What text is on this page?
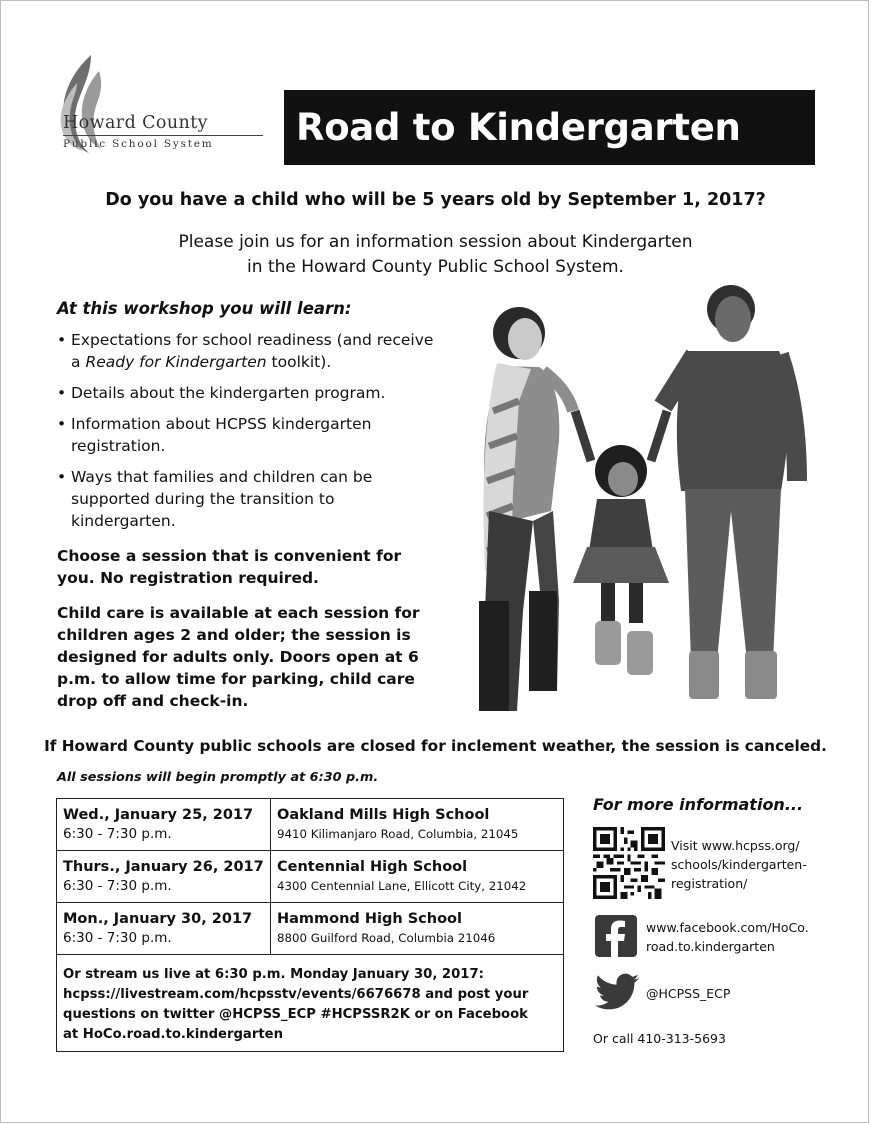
Howard County
Public School System	Road to Kindergarten
Do you have a child who will be 5 years old by September 1, 2017?
Please join us for an information session about Kindergarten
in the Howard County Public School System.
At this workshop you will learn:
• Expectations for school readiness (and receive a Ready for Kindergarten toolkit).
• Details about the kindergarten program.
• Information about HCPSS kindergarten registration.
• Ways that families and children can be supported during the transition to kindergarten.
Choose a session that is convenient for you. No registration required.
Child care is available at each session for children ages 2 and older; the session is designed for adults only. Doors open at 6 p.m. to allow time for parking, child care drop off and check-in.
If Howard County public schools are closed for inclement weather, the session is canceled.
All sessions will begin promptly at 6:30 p.m.
Wed., January 25, 2017
6:30 - 7:30 p.m.
Oakland Mills High School
9410 Kilimanjaro Road, Columbia, 21045
Thurs., January 26, 2017
6:30 - 7:30 p.m.
Centennial High School
4300 Centennial Lane, Ellicott City, 21042
Mon., January 30, 2017
6:30 - 7:30 p.m.
Hammond High School
8800 Guilford Road, Columbia 21046
Or stream us live at 6:30 p.m. Monday January 30, 2017:
hcpss://livestream.com/hcpsstv/events/6676678 and post your
questions on twitter @HCPSS_ECP #HCPSSR2K or on Facebook
at HoCo.road.to.kindergarten
For more information...
Visit www.hcpss.org/
schools/kindergarten-
registration/
www.facebook.com/HoCo.
road.to.kindergarten
@HCPSS_ECP
Or call 410-313-5693
